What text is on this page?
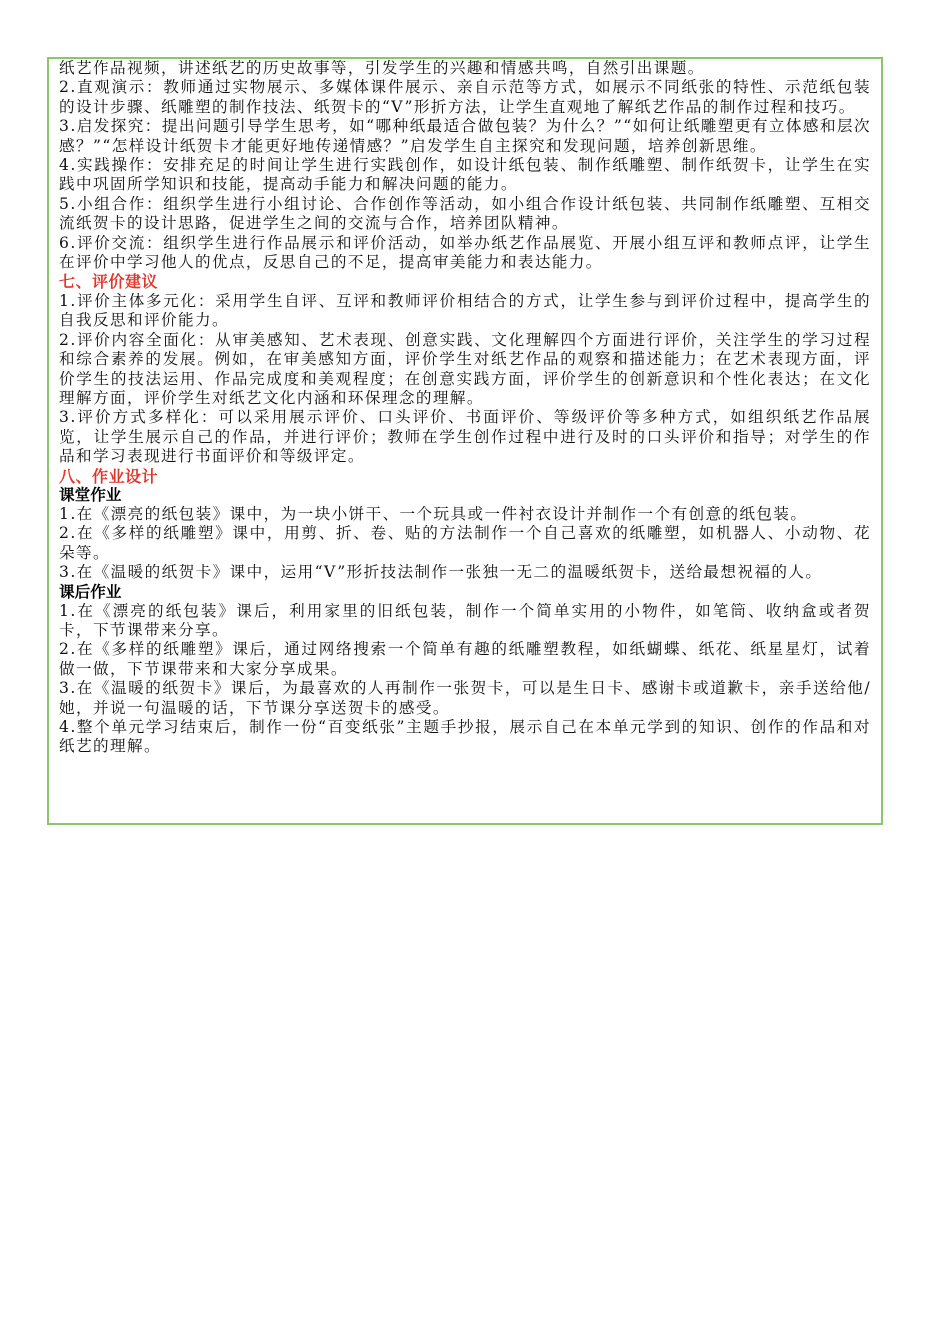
纸艺作品视频，讲述纸艺的历史故事等，引发学生的兴趣和情感共鸣，自然引出课题。

2.直观演示：教师通过实物展示、多媒体课件展示、亲自示范等方式，如展示不同纸张的特性、示范纸包装的设计步骤、纸雕塑的制作技法、纸贺卡的“V”形折方法，让学生直观地了解纸艺作品的制作过程和技巧。

3.启发探究：提出问题引导学生思考，如“哪种纸最适合做包装？为什么？”“如何让纸雕塑更有立体感和层次感？”“怎样设计纸贺卡才能更好地传递情感？”启发学生自主探究和发现问题，培养创新思维。

4.实践操作：安排充足的时间让学生进行实践创作，如设计纸包装、制作纸雕塑、制作纸贺卡，让学生在实践中巩固所学知识和技能，提高动手能力和解决问题的能力。

5.小组合作：组织学生进行小组讨论、合作创作等活动，如小组合作设计纸包装、共同制作纸雕塑、互相交流纸贺卡的设计思路，促进学生之间的交流与合作，培养团队精神。

6.评价交流：组织学生进行作品展示和评价活动，如举办纸艺作品展览、开展小组互评和教师点评，让学生在评价中学习他人的优点，反思自己的不足，提高审美能力和表达能力。

七、评价建议

1.评价主体多元化：采用学生自评、互评和教师评价相结合的方式，让学生参与到评价过程中，提高学生的自我反思和评价能力。

2.评价内容全面化：从审美感知、艺术表现、创意实践、文化理解四个方面进行评价，关注学生的学习过程和综合素养的发展。例如，在审美感知方面，评价学生对纸艺作品的观察和描述能力；在艺术表现方面，评价学生的技法运用、作品完成度和美观程度；在创意实践方面，评价学生的创新意识和个性化表达；在文化理解方面，评价学生对纸艺文化内涵和环保理念的理解。

3.评价方式多样化：可以采用展示评价、口头评价、书面评价、等级评价等多种方式，如组织纸艺作品展览，让学生展示自己的作品，并进行评价；教师在学生创作过程中进行及时的口头评价和指导；对学生的作品和学习表现进行书面评价和等级评定。

八、作业设计

课堂作业

1.在《漂亮的纸包装》课中，为一块小饼干、一个玩具或一件衬衣设计并制作一个有创意的纸包装。

2.在《多样的纸雕塑》课中，用剪、折、卷、贴的方法制作一个自己喜欢的纸雕塑，如机器人、小动物、花朵等。

3.在《温暖的纸贺卡》课中，运用“V”形折技法制作一张独一无二的温暖纸贺卡，送给最想祝福的人。

课后作业

1.在《漂亮的纸包装》课后，利用家里的旧纸包装，制作一个简单实用的小物件，如笔筒、收纳盒或者贺卡，下节课带来分享。

2.在《多样的纸雕塑》课后，通过网络搜索一个简单有趣的纸雕塑教程，如纸蝴蝶、纸花、纸星星灯，试着做一做，下节课带来和大家分享成果。

3.在《温暖的纸贺卡》课后，为最喜欢的人再制作一张贺卡，可以是生日卡、感谢卡或道歉卡，亲手送给他/她，并说一句温暖的话，下节课分享送贺卡的感受。

4.整个单元学习结束后，制作一份“百变纸张”主题手抄报，展示自己在本单元学到的知识、创作的作品和对纸艺的理解。
